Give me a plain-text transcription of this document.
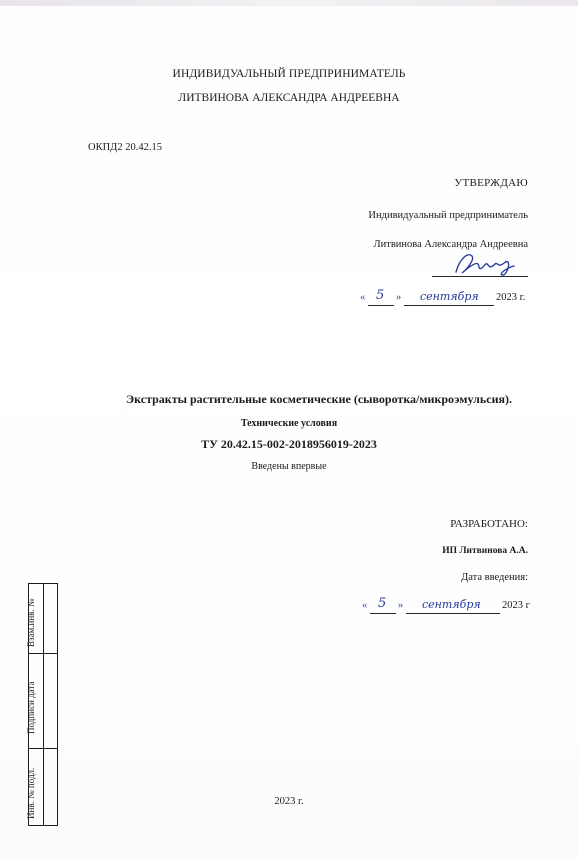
ИНДИВИДУАЛЬНЫЙ ПРЕДПРИНИМАТЕЛЬ
ЛИТВИНОВА АЛЕКСАНДРА АНДРЕЕВНА
ОКПД2 20.42.15
УТВЕРЖДАЮ
Индивидуальный предприниматель
Литвинова Александра Андреевна
« 5 » сентября 2023 г.
Экстракты растительные косметические (сыворотка/микроэмульсия).
Технические условия
ТУ 20.42.15-002-2018956019-2023
Введены впервые
РАЗРАБОТАНО:
ИП Литвинова А.А.
Дата введения:
« 5 » сентября 2023 г
Взам.инв. №
Подписи дата
Инв. № подл.	2023 г.
